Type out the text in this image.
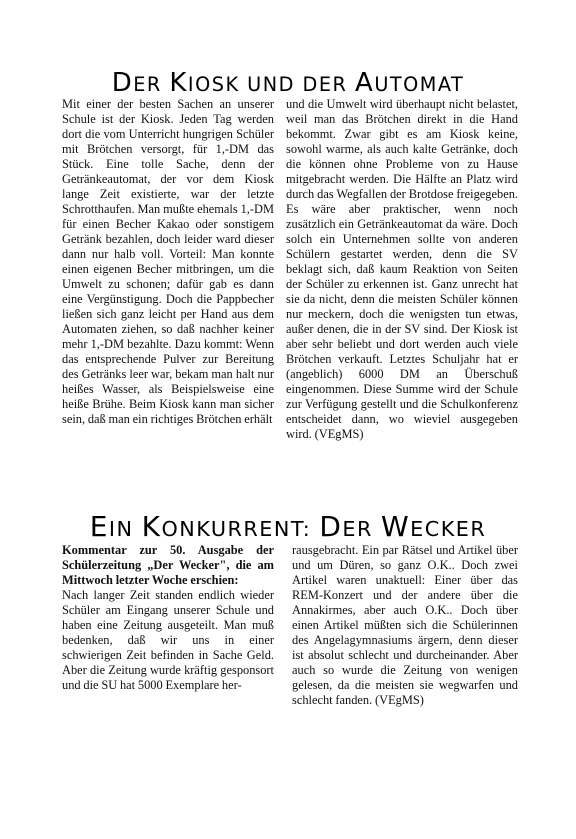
DER KIOSK UND DER AUTOMAT

Mit einer der besten Sachen an unserer Schule ist der Kiosk. Jeden Tag werden dort die vom Unterricht hungrigen Schüler mit Brötchen versorgt, für 1,-DM das Stück. Eine tolle Sache, denn der Getränkeautomat, der vor dem Kiosk lange Zeit existierte, war der letzte Schrotthaufen. Man mußte ehemals 1,-DM für einen Becher Kakao oder sonstigem Getränk bezahlen, doch leider ward dieser dann nur halb voll. Vorteil: Man konnte einen eigenen Becher mitbringen, um die Umwelt zu schonen; dafür gab es dann eine Vergünstigung. Doch die Pappbecher ließen sich ganz leicht per Hand aus dem Automaten ziehen, so daß nachher keiner mehr 1,-DM bezahlte. Dazu kommt: Wenn das entsprechende Pulver zur Bereitung des Getränks leer war, bekam man halt nur heißes Wasser, als Beispielsweise eine heiße Brühe. Beim Kiosk kann man sicher sein, daß man ein richtiges Brötchen erhält

und die Umwelt wird überhaupt nicht belastet, weil man das Brötchen direkt in die Hand bekommt. Zwar gibt es am Kiosk keine, sowohl warme, als auch kalte Getränke, doch die können ohne Probleme von zu Hause mitgebracht werden. Die Hälfte an Platz wird durch das Wegfallen der Brotdose freigegeben. Es wäre aber praktischer, wenn noch zusätzlich ein Getränkeautomat da wäre. Doch solch ein Unternehmen sollte von anderen Schülern gestartet werden, denn die SV beklagt sich, daß kaum Reaktion von Seiten der Schüler zu erkennen ist. Ganz unrecht hat sie da nicht, denn die meisten Schüler können nur meckern, doch die wenigsten tun etwas, außer denen, die in der SV sind. Der Kiosk ist aber sehr beliebt und dort werden auch viele Brötchen verkauft. Letztes Schuljahr hat er (angeblich) 6000 DM an Überschuß eingenommen. Diese Summe wird der Schule zur Verfügung gestellt und die Schulkonferenz entscheidet dann, wo wieviel ausgegeben wird. (VEgMS)
EIN KONKURRENT: DER WECKER

Kommentar zur 50. Ausgabe der Schülerzeitung „Der Wecker", die am Mittwoch letzter Woche erschien:

Nach langer Zeit standen endlich wieder Schüler am Eingang unserer Schule und haben eine Zeitung ausgeteilt. Man muß bedenken, daß wir uns in einer schwierigen Zeit befinden in Sache Geld. Aber die Zeitung wurde kräftig gesponsort und die SU hat 5000 Exemplare her-

rausgebracht. Ein par Rätsel und Artikel über und um Düren, so ganz O.K.. Doch zwei Artikel waren unaktuell: Einer über das REM-Konzert und der andere über die Annakirmes, aber auch O.K.. Doch über einen Artikel müßten sich die Schülerinnen des Angelagymnasiums ärgern, denn dieser ist absolut schlecht und durcheinander. Aber auch so wurde die Zeitung von wenigen gelesen, da die meisten sie wegwarfen und schlecht fanden. (VEgMS)
